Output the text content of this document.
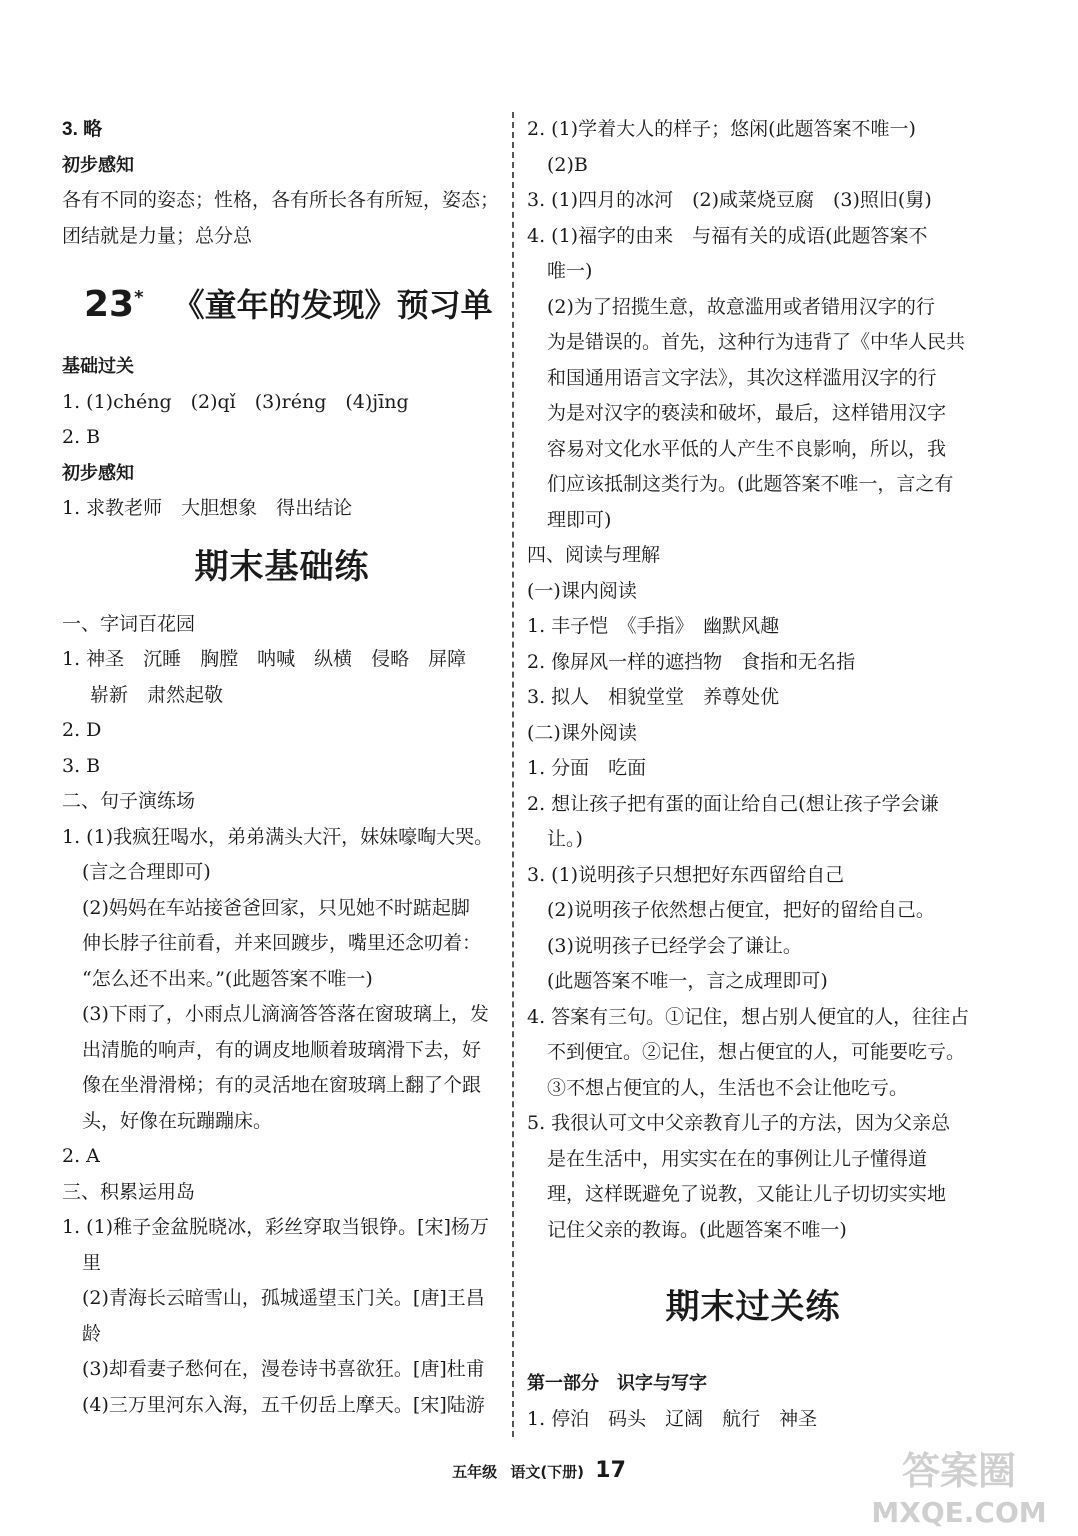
3. 略
初步感知
各有不同的姿态；性格，各有所长各有所短，姿态；
团结就是力量；总分总
23* 《童年的发现》预习单
基础过关
1. (1)chéng　(2)qǐ　(3)réng　(4)jīng
2. B
初步感知
1. 求教老师　大胆想象　得出结论
期末基础练
一、字词百花园
1. 神圣　沉睡　胸膛　呐喊　纵横　侵略　屏障
崭新　肃然起敬
2. D
3. B
二、句子演练场
1. (1)我疯狂喝水，弟弟满头大汗，妹妹嚎啕大哭。
(言之合理即可)
(2)妈妈在车站接爸爸回家，只见她不时踮起脚
伸长脖子往前看，并来回踱步，嘴里还念叨着：
“怎么还不出来。”(此题答案不唯一)
(3)下雨了，小雨点儿滴滴答答落在窗玻璃上，发
出清脆的响声，有的调皮地顺着玻璃滑下去，好
像在坐滑滑梯；有的灵活地在窗玻璃上翻了个跟
头，好像在玩蹦蹦床。
2. A
三、积累运用岛
1. (1)稚子金盆脱晓冰，彩丝穿取当银铮。[宋]杨万
里
(2)青海长云暗雪山，孤城遥望玉门关。[唐]王昌
龄
(3)却看妻子愁何在，漫卷诗书喜欲狂。[唐]杜甫
(4)三万里河东入海，五千仞岳上摩天。[宋]陆游
2. (1)学着大人的样子；悠闲(此题答案不唯一)
(2)B
3. (1)四月的冰河　(2)咸菜烧豆腐　(3)照旧(舅)
4. (1)福字的由来　与福有关的成语(此题答案不
唯一)
(2)为了招揽生意，故意滥用或者错用汉字的行
为是错误的。首先，这种行为违背了《中华人民共
和国通用语言文字法》，其次这样滥用汉字的行
为是对汉字的亵渎和破坏，最后，这样错用汉字
容易对文化水平低的人产生不良影响，所以，我
们应该抵制这类行为。(此题答案不唯一，言之有
理即可)
四、阅读与理解
(一)课内阅读
1. 丰子恺　《手指》　幽默风趣
2. 像屏风一样的遮挡物　食指和无名指
3. 拟人　相貌堂堂　养尊处优
(二)课外阅读
1. 分面　吃面
2. 想让孩子把有蛋的面让给自己(想让孩子学会谦
让。)
3. (1)说明孩子只想把好东西留给自己
(2)说明孩子依然想占便宜，把好的留给自己。
(3)说明孩子已经学会了谦让。
(此题答案不唯一，言之成理即可)
4. 答案有三句。①记住，想占别人便宜的人，往往占
不到便宜。②记住，想占便宜的人，可能要吃亏。
③不想占便宜的人，生活也不会让他吃亏。
5. 我很认可文中父亲教育儿子的方法，因为父亲总
是在生活中，用实实在在的事例让儿子懂得道
理，这样既避免了说教，又能让儿子切切实实地
记住父亲的教诲。(此题答案不唯一)
期末过关练
第一部分　识字与写字
1. 停泊　码头　辽阔　航行　神圣
五年级 语文(下册) 17	答案圈
MXQE.COM
